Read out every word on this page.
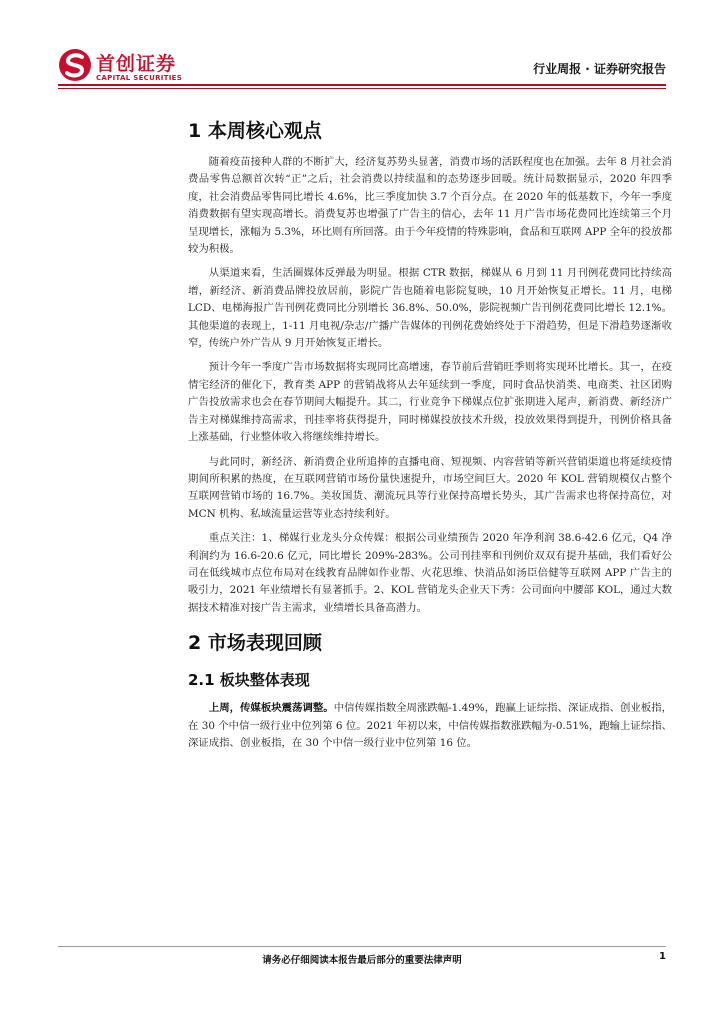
首创证券
CAPITAL SECURITIES
行业周报 · 证券研究报告
1 本周核心观点

随着疫苗接种人群的不断扩大，经济复苏势头显著，消费市场的活跃程度也在加强。去年 8 月社会消费品零售总额首次转“正”之后，社会消费以持续温和的态势逐步回暖。统计局数据显示，2020 年四季度，社会消费品零售同比增长 4.6%，比三季度加快 3.7 个百分点。在 2020 年的低基数下，今年一季度消费数据有望实现高增长。消费复苏也增强了广告主的信心，去年 11 月广告市场花费同比连续第三个月呈现增长，涨幅为 5.3%，环比则有所回落。由于今年疫情的特殊影响，食品和互联网 APP 全年的投放都较为积极。

从渠道来看，生活圈媒体反弹最为明显。根据 CTR 数据，梯媒从 6 月到 11 月刊例花费同比持续高增，新经济、新消费品牌投放居前，影院广告也随着电影院复映，10 月开始恢复正增长。11 月，电梯 LCD、电梯海报广告刊例花费同比分别增长 36.8%、50.0%，影院视频广告刊例花费同比增长 12.1%。其他渠道的表现上，1-11 月电视/杂志/广播广告媒体的刊例花费始终处于下滑趋势，但是下滑趋势逐渐收窄，传统户外广告从 9 月开始恢复正增长。

预计今年一季度广告市场数据将实现同比高增速，春节前后营销旺季则将实现环比增长。其一，在疫情宅经济的催化下，教育类 APP 的营销战将从去年延续到一季度，同时食品快消类、电商类、社区团购广告投放需求也会在春节期间大幅提升。其二，行业竞争下梯媒点位扩张期进入尾声，新消费、新经济广告主对梯媒维持高需求，刊挂率将获得提升，同时梯媒投放技术升级，投放效果得到提升，刊例价格具备上涨基础，行业整体收入将继续维持增长。

与此同时，新经济、新消费企业所追捧的直播电商、短视频、内容营销等新兴营销渠道也将延续疫情期间所积累的热度，在互联网营销市场份量快速提升，市场空间巨大。2020 年 KOL 营销规模仅占整个互联网营销市场的 16.7%。美妆国货、潮流玩具等行业保持高增长势头，其广告需求也将保持高位，对 MCN 机构、私域流量运营等业态持续利好。

重点关注：1、梯媒行业龙头分众传媒：根据公司业绩预告 2020 年净利润 38.6-42.6 亿元，Q4 净利润约为 16.6-20.6 亿元，同比增长 209%-283%。公司刊挂率和刊例价双双有提升基础，我们看好公司在低线城市点位布局对在线教育品牌如作业帮、火花思维、快消品如汤臣倍健等互联网 APP 广告主的吸引力，2021 年业绩增长有显著抓手。2、KOL 营销龙头企业天下秀：公司面向中腰部 KOL，通过大数据技术精准对接广告主需求，业绩增长具备高潜力。

2 市场表现回顾
2.1 板块整体表现

上周，传媒板块震荡调整。中信传媒指数全周涨跌幅-1.49%，跑赢上证综指、深证成指、创业板指，在 30 个中信一级行业中位列第 6 位。2021 年初以来，中信传媒指数涨跌幅为-0.51%，跑输上证综指、深证成指、创业板指，在 30 个中信一级行业中位列第 16 位。

请务必仔细阅读本报告最后部分的重要法律声明	1
